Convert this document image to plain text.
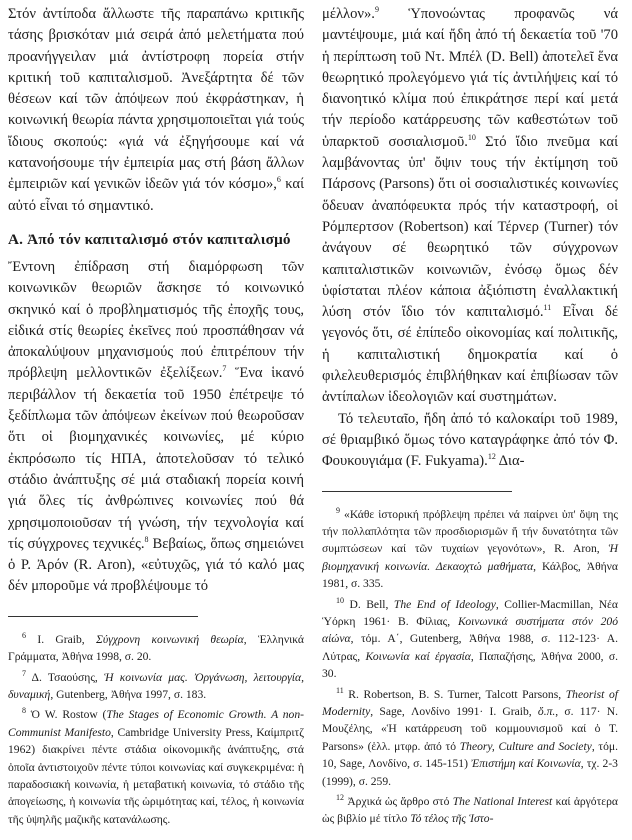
Στόν ἀντίποδα ἄλλωστε τῆς παραπάνω κριτικῆς τάσης βρισκόταν μιά σειρά ἀπό μελετήματα πού προανήγγειλαν μιά ἀντίστροφη πορεία στήν κριτική τοῦ καπιταλισμοῦ. Ἀνεξάρτητα δέ τῶν θέσεων καί τῶν ἀπόψεων πού ἐκφράστηκαν, ἡ κοινωνική θεωρία πάντα χρησιμοποιεῖται γιά τούς ἴδιους σκοπούς: «γιά νά ἐξηγήσουμε καί νά κατανοήσουμε τήν ἐμπειρία μας στή βάση ἄλλων ἐμπειριῶν καί γενικῶν ἰδεῶν γιά τόν κόσμο»,$^6$ καί αὐτό εἶναι τό σημαντικό.

Α. Ἀπό τόν καπιταλισμό στόν καπιταλισμό

Ἔντονη ἐπίδραση στή διαμόρφωση τῶν κοινωνικῶν θεωριῶν ἄσκησε τό κοινωνικό σκηνικό καί ὁ προβληματισμός τῆς ἐποχῆς τους, εἰδικά στίς θεωρίες ἐκεῖνες πού προσπάθησαν νά ἀποκαλύψουν μηχανισμούς πού ἐπιτρέπουν τήν πρόβλεψη μελλοντικῶν ἐξελίξεων.$^7$ Ἕνα ἱκανό περιβάλλον τή δεκαετία τοῦ 1950 ἐπέτρεψε τό ξεδίπλωμα τῶν ἀπόψεων ἐκείνων πού θεωροῦσαν ὅτι οἱ βιομηχανικές κοινωνίες, μέ κύριο ἐκπρόσωπο τίς ΗΠΑ, ἀποτελοῦσαν τό τελικό στάδιο ἀνάπτυξης σέ μιά σταδιακή πορεία κοινή γιά ὅλες τίς ἀνθρώπινες κοινωνίες πού θά χρησιμοποιοῦσαν τή γνώση, τήν τεχνολογία καί τίς σύγχρονες τεχνικές.$^8$ Βεβαίως, ὅπως σημειώνει ὁ Ρ. Ἀρόν (R. Aron), «εὐτυχῶς, γιά τό καλό μας δέν μποροῦμε νά προβλέψουμε τό

$^6$ I. Graib, Σύγχρονη κοινωνική θεωρία, Ἑλληνικά Γράμματα, Ἀθήνα 1998, σ. 20.

$^7$ Δ. Τσαούσης, Ἡ κοινωνία μας. Ὀργάνωση, λειτουργία, δυναμική, Gutenberg, Ἀθήνα 1997, σ. 183.

$^8$ Ὁ W. Rostow (The Stages of Economic Growth. A non-Communist Manifesto, Cambridge University Press, Καίμπριτζ 1962) διακρίνει πέντε στάδια οἰκονομικῆς ἀνάπτυξης, στά ὁποῖα ἀντιστοιχοῦν πέντε τύποι κοινωνίας καί συγκεκριμένα: ἡ παραδοσιακή κοινωνία, ἡ μεταβατική κοινωνία, τό στάδιο τῆς ἀπογείωσης, ἡ κοινωνία τῆς ὡριμότητας καί, τέλος, ἡ κοινωνία τῆς ὑψηλῆς μαζικῆς κατανάλωσης.

μέλλον».$^9$ Ὑπονοώντας προφανῶς νά μαντέψουμε, μιά καί ἤδη ἀπό τή δεκαετία τοῦ '70 ἡ περίπτωση τοῦ Ντ. Μπέλ (D. Bell) ἀποτελεῖ ἕνα θεωρητικό προλεγόμενο γιά τίς ἀντιλήψεις καί τό διανοητικό κλίμα πού ἐπικράτησε περί καί μετά τήν περίοδο κατάρρευσης τῶν καθεστώτων τοῦ ὑπαρκτοῦ σοσιαλισμοῦ.$^{10}$ Στό ἴδιο πνεῦμα καί λαμβάνοντας ὑπ' ὄψιν τους τήν ἐκτίμηση τοῦ Πάρσονς (Parsons) ὅτι οἱ σοσιαλιστικές κοινωνίες ὅδευαν ἀναπόφευκτα πρός τήν καταστροφή, οἱ Ρόμπερτσον (Robertson) καί Τέρνερ (Turner) τόν ἀνάγουν σέ θεωρητικό τῶν σύγχρονων καπιταλιστικῶν κοινωνιῶν, ἐνόσῳ ὅμως δέν ὑφίσταται πλέον κάποια ἀξιόπιστη ἐναλλακτική λύση στόν ἴδιο τόν καπιταλισμό.$^{11}$ Εἶναι δέ γεγονός ὅτι, σέ ἐπίπεδο οἰκονομίας καί πολιτικῆς, ἡ καπιταλιστική δημοκρατία καί ὁ φιλελευθερισμός ἐπιβλήθηκαν καί ἐπιβίωσαν τῶν ἀντίπαλων ἰδεολογιῶν καί συστημάτων.

Τό τελευταῖο, ἤδη ἀπό τό καλοκαίρι τοῦ 1989, σέ θριαμβικό ὅμως τόνο καταγράφηκε ἀπό τόν Φ. Φουκουγιάμα (F. Fukyama).$^{12}$ Δια-

$^9$ «Κάθε ἱστορική πρόβλεψη πρέπει νά παίρνει ὑπ' ὄψη της τήν πολλαπλότητα τῶν προσδιορισμῶν ἤ τήν δυνατότητα τῶν συμπτώσεων καί τῶν τυχαίων γεγονότων», R. Aron, Ἡ βιομηχανική κοινωνία. Δεκαοχτώ μαθήματα, Κάλβος, Ἀθήνα 1981, σ. 335.

$^{10}$ D. Bell, The End of Ideology, Collier-Macmillan, Νέα Ὑόρκη 1961· Β. Φίλιας, Κοινωνικά συστήματα στόν 20ό αἰώνα, τόμ. Α΄, Gutenberg, Ἀθήνα 1988, σ. 112-123· Α. Λύτρας, Κοινωνία καί ἐργασία, Παπαζήσης, Ἀθήνα 2000, σ. 30.

$^{11}$ R. Robertson, B. S. Turner, Talcott Parsons, Theorist of Modernity, Sage, Λονδίνο 1991· I. Graib, ὅ.π., σ. 117· Ν. Μουζέλης, «Ἡ κατάρρευση τοῦ κομμουνισμοῦ καί ὁ T. Parsons» (ἑλλ. μτφρ. ἀπό τό Theory, Culture and Society, τόμ. 10, Sage, Λονδίνο, σ. 145-151) Ἐπιστήμη καί Κοινωνία, τχ. 2-3 (1999), σ. 259.

$^{12}$ Ἀρχικά ὡς ἄρθρο στό The National Interest καί ἀργότερα ὡς βιβλίο μέ τίτλο Τό τέλος τῆς Ἱστο-
